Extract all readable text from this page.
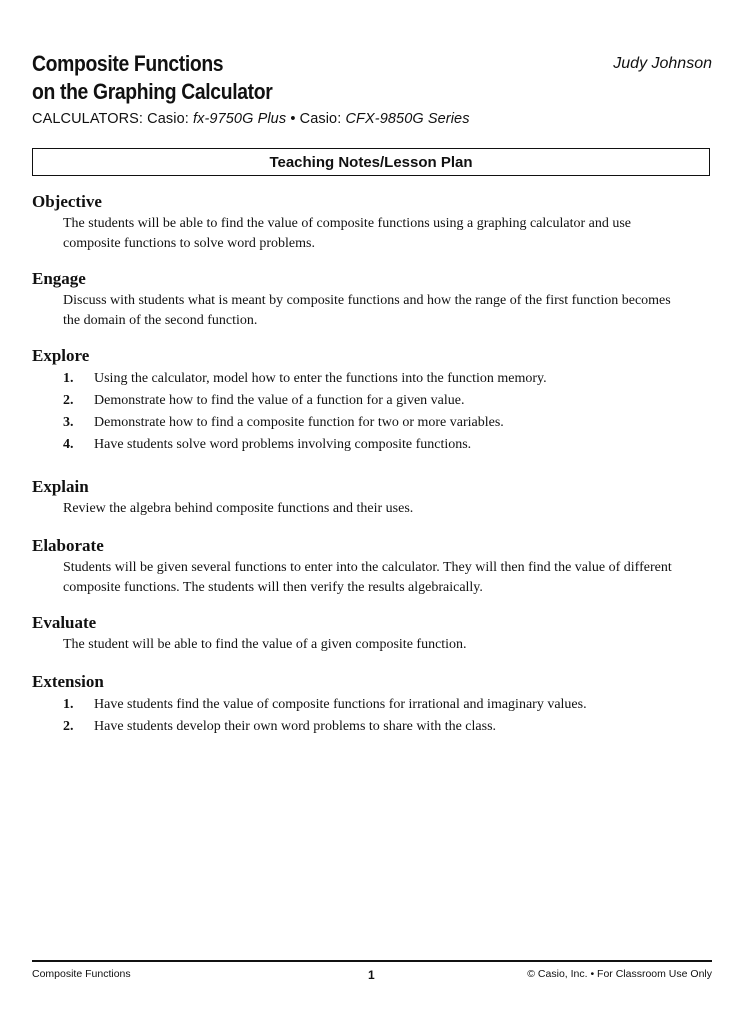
Composite Functions
on the Graphing Calculator
Judy Johnson
CALCULATORS: Casio: fx-9750G Plus • Casio: CFX-9850G Series
Teaching Notes/Lesson Plan
Objective

The students will be able to find the value of composite functions using a graphing calculator and use composite functions to solve word problems.

Engage

Discuss with students what is meant by composite functions and how the range of the first function becomes the domain of the second function.

Explore
1.	Using the calculator, model how to enter the functions into the function memory.
2.	Demonstrate how to find the value of a function for a given value.
3.	Demonstrate how to find a composite function for two or more variables.
4.	Have students solve word problems involving composite functions.
Explain

Review the algebra behind composite functions and their uses.

Elaborate

Students will be given several functions to enter into the calculator. They will then find the value of different composite functions. The students will then verify the results algebraically.

Evaluate

The student will be able to find the value of a given composite function.

Extension
1.	Have students find the value of composite functions for irrational and imaginary values.
2.	Have students develop their own word problems to share with the class.
Composite Functions	1	© Casio, Inc. • For Classroom Use Only
